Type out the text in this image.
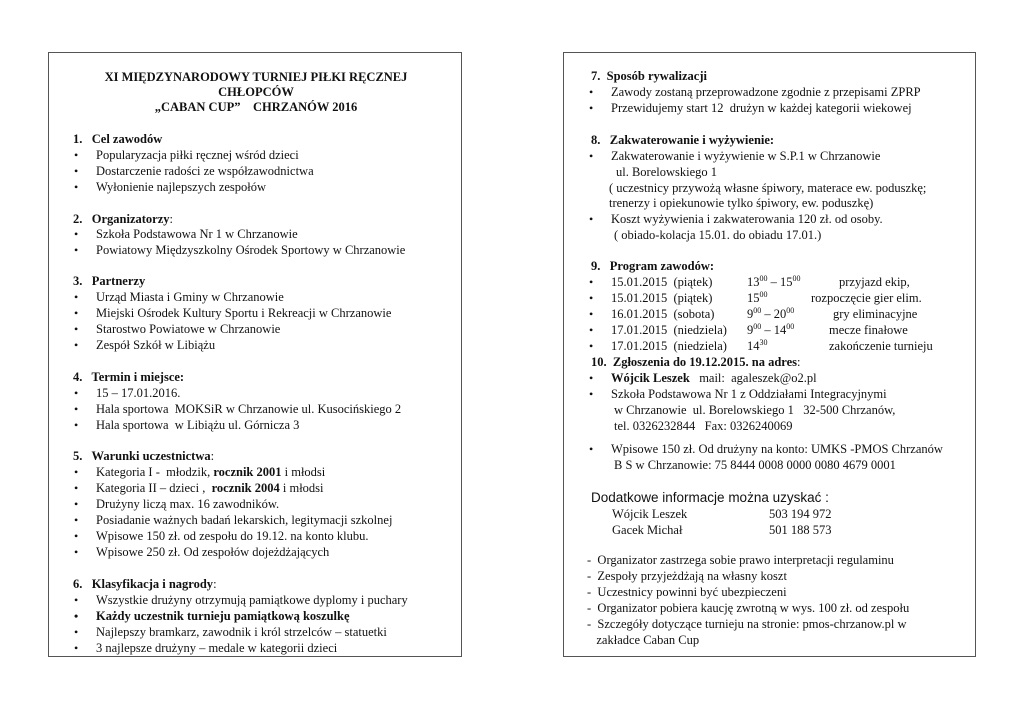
XI MIĘDZYNARODOWY TURNIEJ PIŁKI RĘCZNEJ
CHŁOPCÓW
„CABAN CUP”    CHRZANÓW 2016
1.   Cel zawodów
• Popularyzacja piłki ręcznej wśród dzieci
• Dostarczenie radości ze współzawodnictwa
• Wyłonienie najlepszych zespołów
2.   Organizatorzy:
• Szkoła Podstawowa Nr 1 w Chrzanowie
• Powiatowy Międzyszkolny Ośrodek Sportowy w Chrzanowie
3.   Partnerzy
• Urząd Miasta i Gminy w Chrzanowie
• Miejski Ośrodek Kultury Sportu i Rekreacji w Chrzanowie
• Starostwo Powiatowe w Chrzanowie
• Zespół Szkół w Libiążu
4.   Termin i miejsce:
• 15 – 17.01.2016.
• Hala sportowa  MOKSiR w Chrzanowie ul. Kusocińskiego 2
• Hala sportowa  w Libiążu ul. Górnicza 3
5.   Warunki uczestnictwa:
• Kategoria I -  młodzik, rocznik 2001 i młodsi
• Kategoria II – dzieci ,  rocznik 2004 i młodsi
• Drużyny liczą max. 16 zawodników.
• Posiadanie ważnych badań lekarskich, legitymacji szkolnej
• Wpisowe 150 zł. od zespołu do 19.12. na konto klubu.
• Wpisowe 250 zł. Od zespołów dojeżdżających
6.   Klasyfikacja i nagrody:
• Wszystkie drużyny otrzymują pamiątkowe dyplomy i puchary
• Każdy uczestnik turnieju pamiątkową koszulkę
• Najlepszy bramkarz, zawodnik i król strzelców – statuetki
• 3 najlepsze drużyny – medale w kategorii dzieci
7.  Sposób rywalizacji
• Zawody zostaną przeprowadzone zgodnie z przepisami ZPRP
• Przewidujemy start 12  drużyn w każdej kategorii wiekowej
8.   Zakwaterowanie i wyżywienie:
• Zakwaterowanie i wyżywienie w S.P.1 w Chrzanowie
ul. Borelowskiego 1
( uczestnicy przywożą własne śpiwory, materace ew. poduszkę;
trenerzy i opiekunowie tylko śpiwory, ew. poduszkę)
• Koszt wyżywienia i zakwaterowania 120 zł. od osoby.
( obiado-kolacja 15.01. do obiadu 17.01.)
9.   Program zawodów:
• 15.01.2015  (piątek)	$13^{00} - 15^{00}$	przyjazd ekip,
• 15.01.2015  (piątek)	$15^{00}$	rozpoczęcie gier elim.
• 16.01.2015  (sobota)	$9^{00} - 20^{00}$	gry eliminacyjne
• 17.01.2015  (niedziela) $9^{00} - 14^{00}$	mecze finałowe
• 17.01.2015  (niedziela) $14^{30}$	zakończenie turnieju
10.  Zgłoszenia do 19.12.2015. na adres:
• Wójcik Leszek   mail:  agaleszek@o2.pl
• Szkoła Podstawowa Nr 1 z Oddziałami Integracyjnymi
w Chrzanowie  ul. Borelowskiego 1   32-500 Chrzanów,
tel. 0326232844   Fax: 0326240069
• Wpisowe 150 zł. Od drużyny na konto: UMKS -PMOS Chrzanów
B S w Chrzanowie: 75 8444 0008 0000 0080 4679 0001
Dodatkowe informacje można uzyskać :
Wójcik Leszek	503 194 972
Gacek Michał	501 188 573
-  Organizator zastrzega sobie prawo interpretacji regulaminu
-  Zespoły przyjeżdżają na własny koszt
-  Uczestnicy powinni być ubezpieczeni
-  Organizator pobiera kaucję zwrotną w wys. 100 zł. od zespołu
-  Szczegóły dotyczące turnieju na stronie: pmos-chrzanow.pl w
zakładce Caban Cup
